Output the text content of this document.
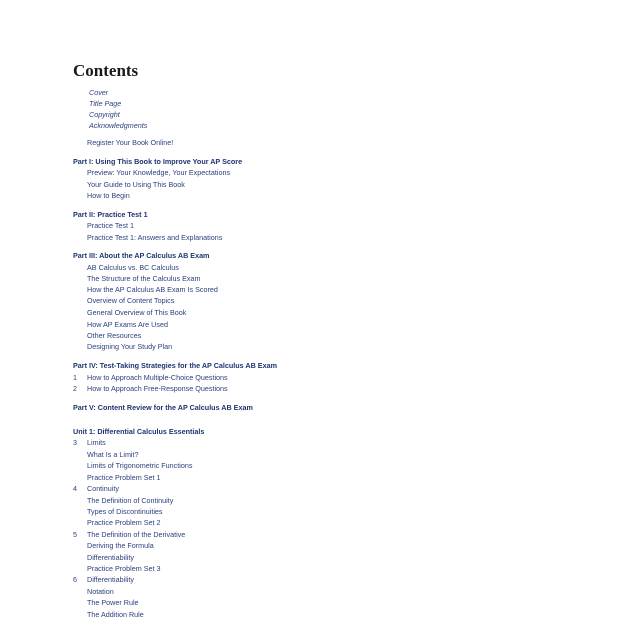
Contents
Cover
Title Page
Copyright
Acknowledgments
Register Your Book Online!
Part I: Using This Book to Improve Your AP Score
Preview: Your Knowledge, Your Expectations
Your Guide to Using This Book
How to Begin
Part II: Practice Test 1
Practice Test 1
Practice Test 1: Answers and Explanations
Part III: About the AP Calculus AB Exam
AB Calculus vs. BC Calculus
The Structure of the Calculus Exam
How the AP Calculus AB Exam Is Scored
Overview of Content Topics
General Overview of This Book
How AP Exams Are Used
Other Resources
Designing Your Study Plan
Part IV: Test-Taking Strategies for the AP Calculus AB Exam
1 How to Approach Multiple-Choice Questions
2 How to Approach Free-Response Questions
Part V: Content Review for the AP Calculus AB Exam
Unit 1: Differential Calculus Essentials
3 Limits
What Is a Limit?
Limits of Trigonometric Functions
Practice Problem Set 1
4 Continuity
The Definition of Continuity
Types of Discontinuities
Practice Problem Set 2
5 The Definition of the Derivative
Deriving the Formula
Differentiability
Practice Problem Set 3
6 Differentiability
Notation
The Power Rule
The Addition Rule
